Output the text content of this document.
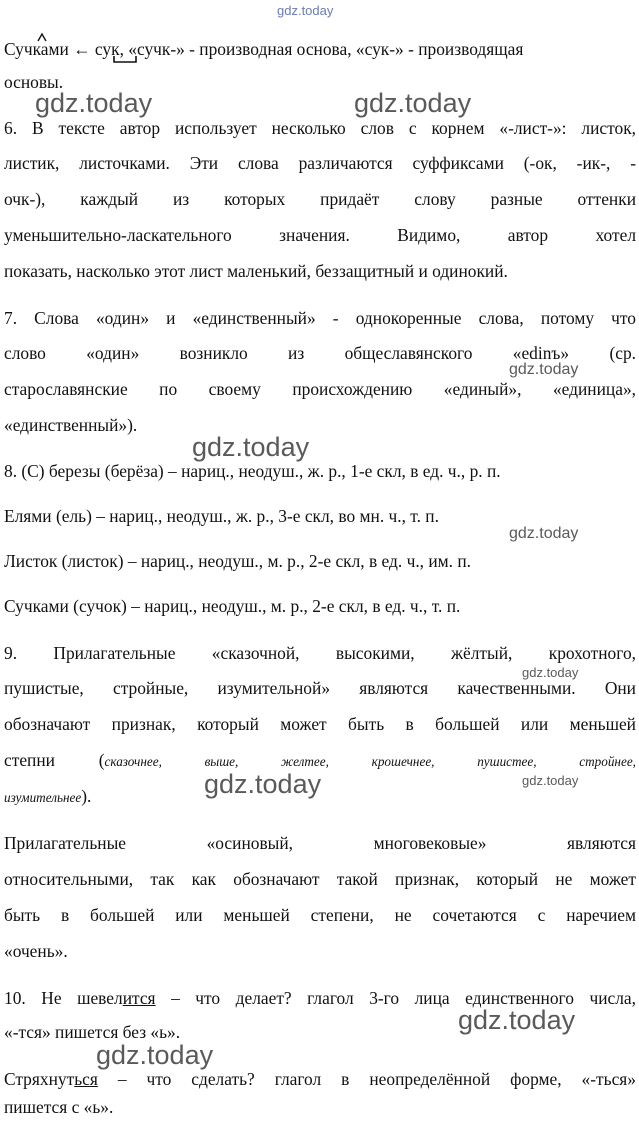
gdz.today
Сучками ← сук, «сучк-» - производная основа, «сук-» - производящая
основы.
gdz.today	gdz.today
6. В тексте автор использует несколько слов с корнем «-лист-»: листок,
листик, листочками. Эти слова различаются суффиксами (-ок, -ик-, -
очк-), каждый из которых придаёт слову разные оттенки
уменьшительно-ласкательного значения. Видимо, автор хотел
показать, насколько этот лист маленький, беззащитный и одинокий.
7. Слова «один» и «единственный» - однокоренные слова, потому что
слово «один» возникло из общеславянского «edinъ» (ср.
gdz.today
старославянские по своему происхождению «единый», «единица»,
«единственный»).
gdz.today
8. (С) березы (берёза) – нариц., неодуш., ж. р., 1-е скл, в ед. ч., р. п.
Елями (ель) – нариц., неодуш., ж. р., 3-е скл, во мн. ч., т. п.
gdz.today
Листок (листок) – нариц., неодуш., м. р., 2-е скл, в ед. ч., им. п.
Сучками (сучок) – нариц., неодуш., м. р., 2-е скл, в ед. ч., т. п.
9. Прилагательные «сказочной, высокими, жёлтый, крохотного,
gdz.today
пушистые, стройные, изумительной» являются качественными. Они
обозначают признак, который может быть в большей или меньшей
степни (сказочнее, выше, желтее, крошечнее, пушистее, стройнее,
gdz.today
gdz.today
изумительнее).
Прилагательные «осиновый, многовековые» являются
относительными, так как обозначают такой признак, который не может
быть в большей или меньшей степени, не сочетаются с наречием
«очень».
10. Не шевелится – что делает? глагол 3-го лица единственного числа,
gdz.today
«-тся» пишется без «ь».
gdz.today
Стряхнуться – что сделать? глагол в неопределённой форме, «-ться»
пишется с «ь».
